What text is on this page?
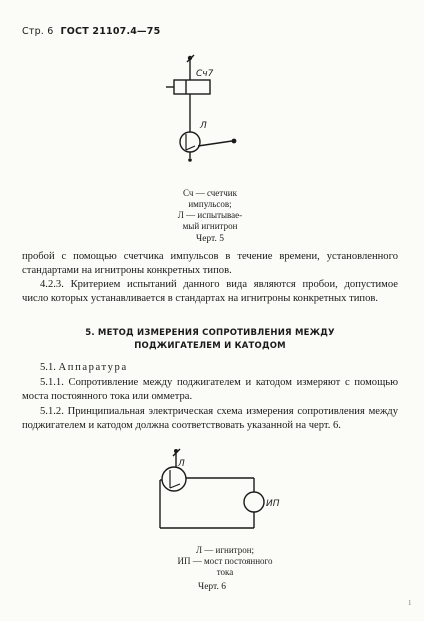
Стр. 6 ГОСТ 21107.4—75
Сч7
Л
Сч — счетчик
импульсов;
Л — испытывае-
мый игнитрон
Черт. 5
пробой с помощью счетчика импульсов в течение времени, установленного стандартами на игнитроны конкретных типов.
4.2.3. Критерием испытаний данного вида являются пробои, допустимое число которых устанавливается в стандартах на игнитроны конкретных типов.
5. МЕТОД ИЗМЕРЕНИЯ СОПРОТИВЛЕНИЯ МЕЖДУ
ПОДЖИГАТЕЛЕМ И КАТОДОМ
5.1. Аппаратура
5.1.1. Сопротивление между поджигателем и катодом измеряют с помощью моста постоянного тока или омметра.
5.1.2. Принципиальная электрическая схема измерения сопротивления между поджигателем и катодом должна соответствовать указанной на черт. 6.
Л
ИП
Л — игнитрон;
ИП — мост постоянного
тока
Черт. 6
1
